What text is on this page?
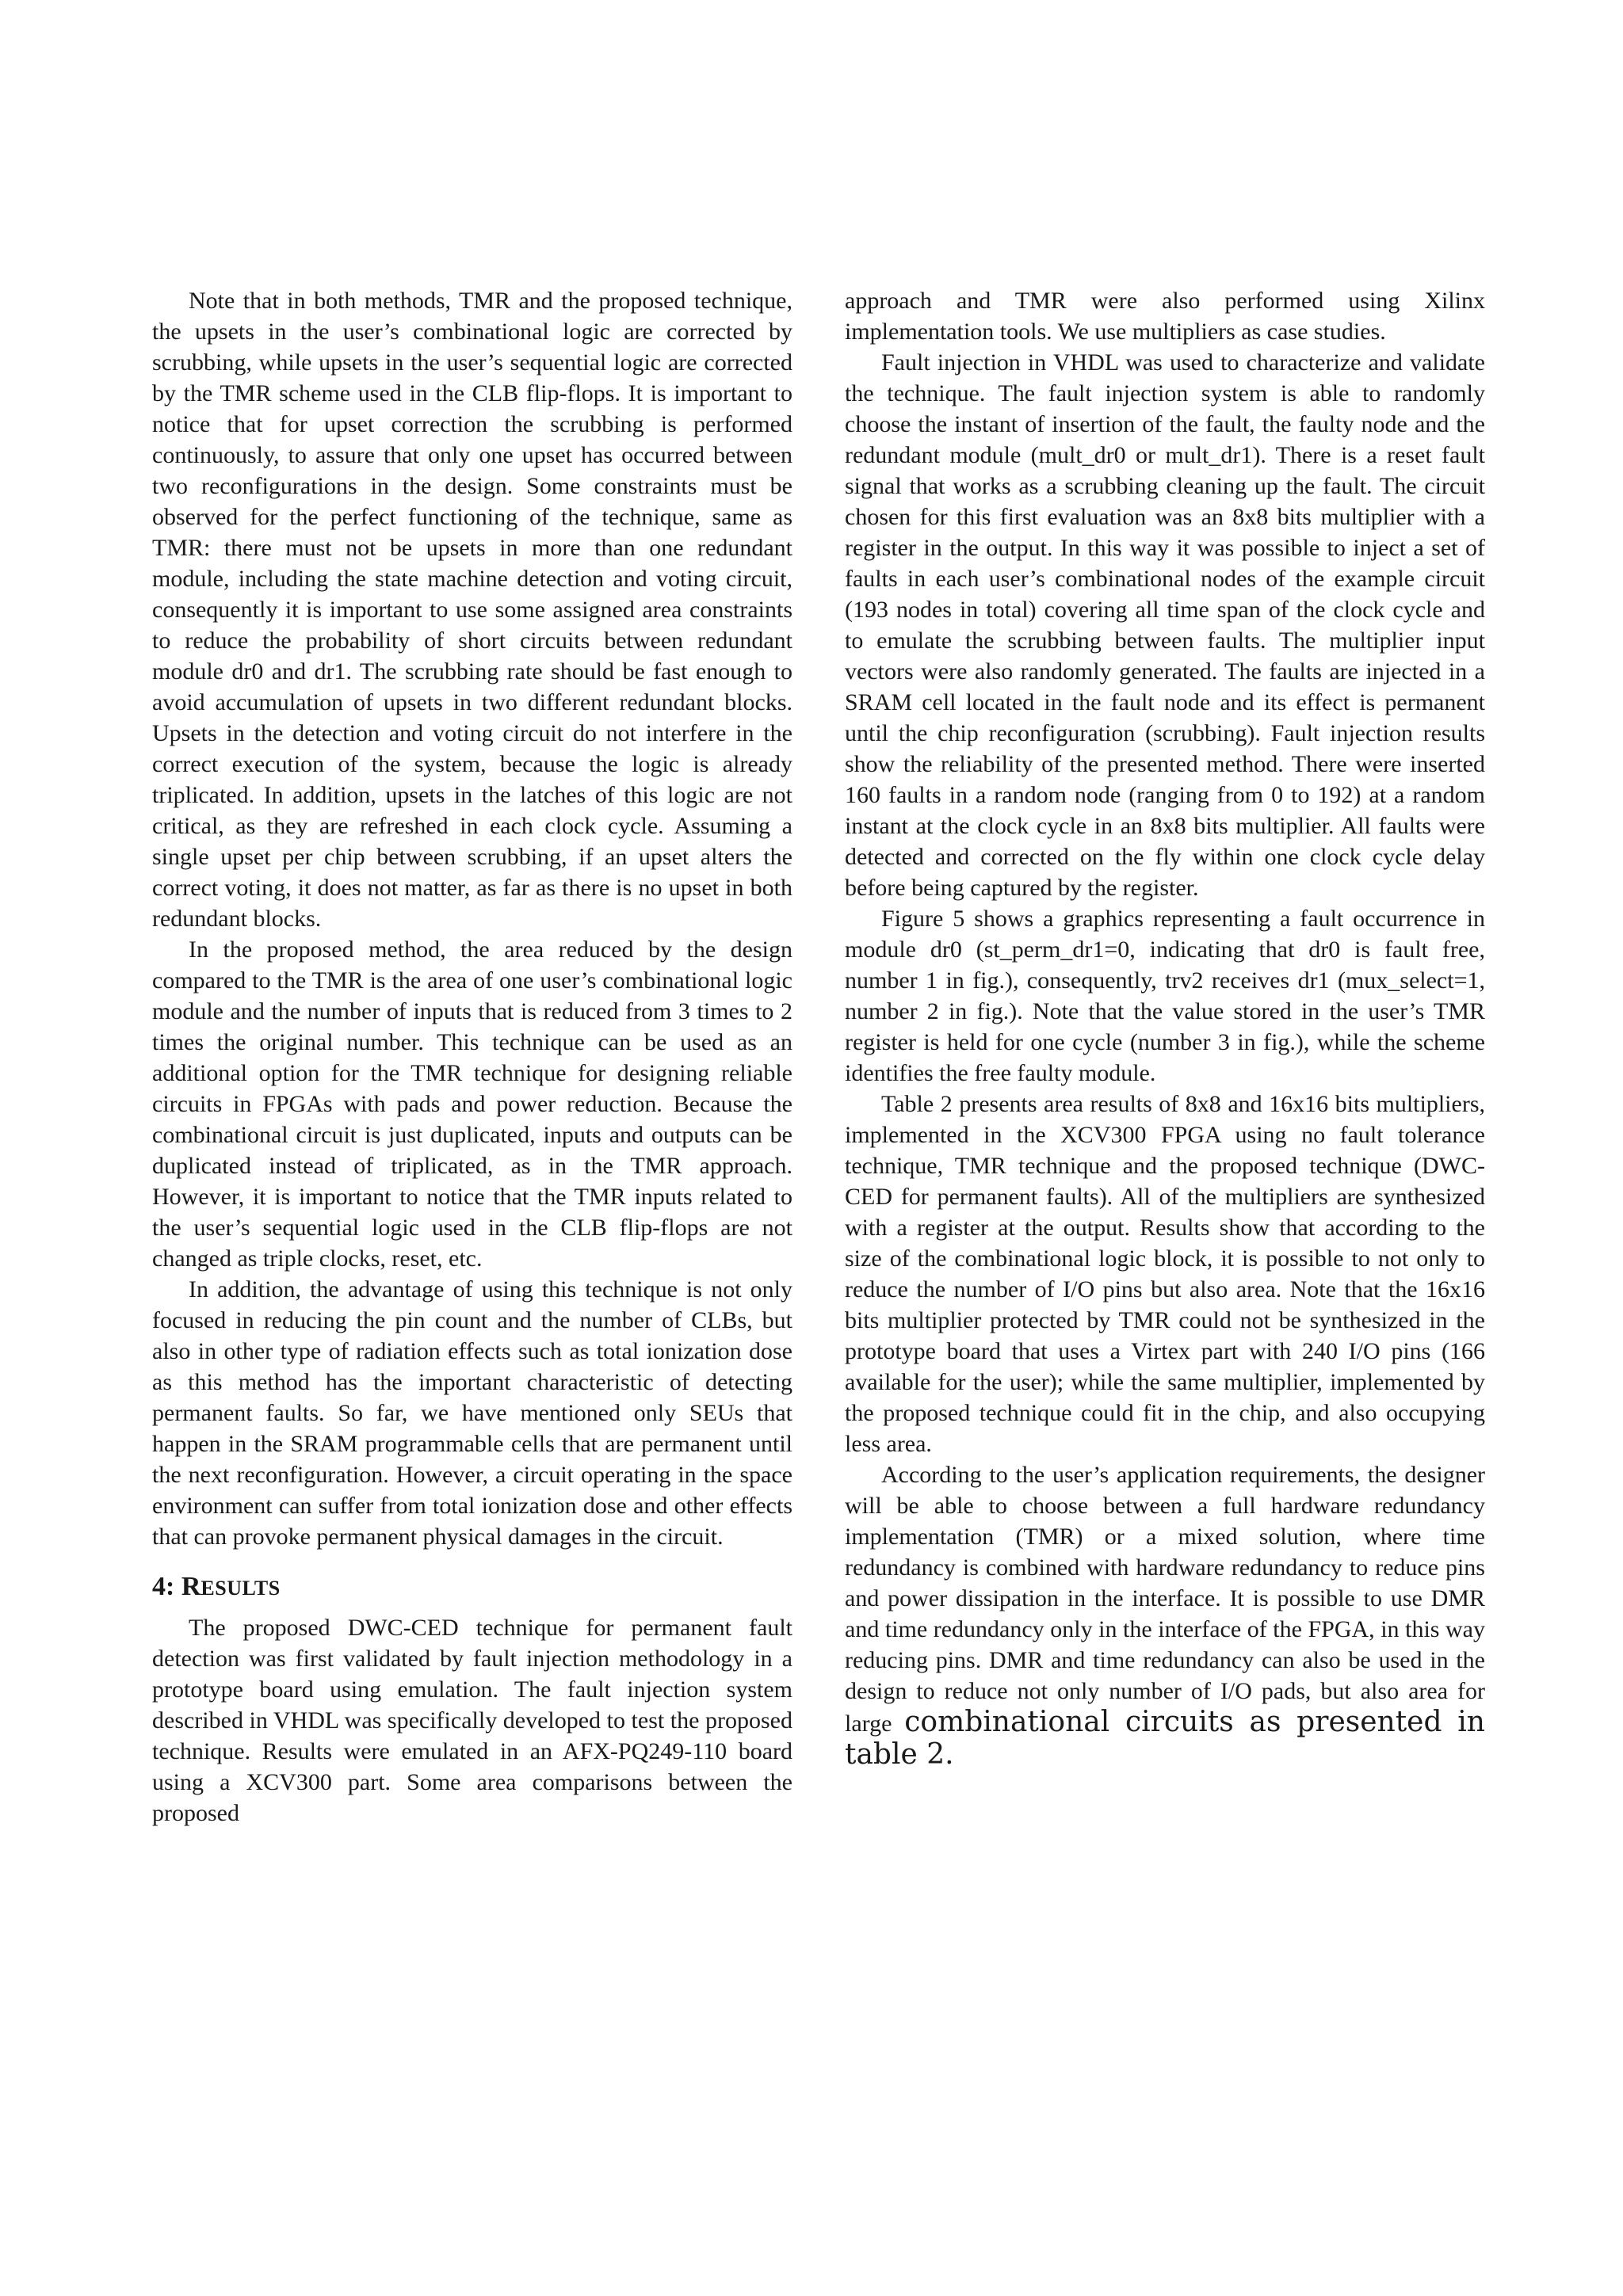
Note that in both methods, TMR and the proposed technique, the upsets in the user’s combinational logic are corrected by scrubbing, while upsets in the user’s sequential logic are corrected by the TMR scheme used in the CLB flip-flops. It is important to notice that for upset correction the scrubbing is performed continuously, to assure that only one upset has occurred between two reconfigurations in the design. Some constraints must be observed for the perfect functioning of the technique, same as TMR: there must not be upsets in more than one redundant module, including the state machine detection and voting circuit, consequently it is important to use some assigned area constraints to reduce the probability of short circuits between redundant module dr0 and dr1. The scrubbing rate should be fast enough to avoid accumulation of upsets in two different redundant blocks. Upsets in the detection and voting circuit do not interfere in the correct execution of the system, because the logic is already triplicated. In addition, upsets in the latches of this logic are not critical, as they are refreshed in each clock cycle. Assuming a single upset per chip between scrubbing, if an upset alters the correct voting, it does not matter, as far as there is no upset in both redundant blocks.

In the proposed method, the area reduced by the design compared to the TMR is the area of one user’s combinational logic module and the number of inputs that is reduced from 3 times to 2 times the original number. This technique can be used as an additional option for the TMR technique for designing reliable circuits in FPGAs with pads and power reduction. Because the combinational circuit is just duplicated, inputs and outputs can be duplicated instead of triplicated, as in the TMR approach. However, it is important to notice that the TMR inputs related to the user’s sequential logic used in the CLB flip-flops are not changed as triple clocks, reset, etc.

In addition, the advantage of using this technique is not only focused in reducing the pin count and the number of CLBs, but also in other type of radiation effects such as total ionization dose as this method has the important characteristic of detecting permanent faults. So far, we have mentioned only SEUs that happen in the SRAM programmable cells that are permanent until the next reconfiguration. However, a circuit operating in the space environment can suffer from total ionization dose and other effects that can provoke permanent physical damages in the circuit.

4: RESULTS

The proposed DWC-CED technique for permanent fault detection was first validated by fault injection methodology in a prototype board using emulation. The fault injection system described in VHDL was specifically developed to test the proposed technique. Results were emulated in an AFX-PQ249-110 board using a XCV300 part. Some area comparisons between the proposed

approach and TMR were also performed using Xilinx implementation tools. We use multipliers as case studies.

Fault injection in VHDL was used to characterize and validate the technique. The fault injection system is able to randomly choose the instant of insertion of the fault, the faulty node and the redundant module (mult_dr0 or mult_dr1). There is a reset fault signal that works as a scrubbing cleaning up the fault. The circuit chosen for this first evaluation was an 8x8 bits multiplier with a register in the output. In this way it was possible to inject a set of faults in each user’s combinational nodes of the example circuit (193 nodes in total) covering all time span of the clock cycle and to emulate the scrubbing between faults. The multiplier input vectors were also randomly generated. The faults are injected in a SRAM cell located in the fault node and its effect is permanent until the chip reconfiguration (scrubbing). Fault injection results show the reliability of the presented method. There were inserted 160 faults in a random node (ranging from 0 to 192) at a random instant at the clock cycle in an 8x8 bits multiplier. All faults were detected and corrected on the fly within one clock cycle delay before being captured by the register.

Figure 5 shows a graphics representing a fault occurrence in module dr0 (st_perm_dr1=0, indicating that dr0 is fault free, number 1 in fig.), consequently, trv2 receives dr1 (mux_select=1, number 2 in fig.). Note that the value stored in the user’s TMR register is held for one cycle (number 3 in fig.), while the scheme identifies the free faulty module.

Table 2 presents area results of 8x8 and 16x16 bits multipliers, implemented in the XCV300 FPGA using no fault tolerance technique, TMR technique and the proposed technique (DWC-CED for permanent faults). All of the multipliers are synthesized with a register at the output. Results show that according to the size of the combinational logic block, it is possible to not only to reduce the number of I/O pins but also area. Note that the 16x16 bits multiplier protected by TMR could not be synthesized in the prototype board that uses a Virtex part with 240 I/O pins (166 available for the user); while the same multiplier, implemented by the proposed technique could fit in the chip, and also occupying less area.

According to the user’s application requirements, the designer will be able to choose between a full hardware redundancy implementation (TMR) or a mixed solution, where time redundancy is combined with hardware redundancy to reduce pins and power dissipation in the interface. It is possible to use DMR and time redundancy only in the interface of the FPGA, in this way reducing pins. DMR and time redundancy can also be used in the design to reduce not only number of I/O pads, but also area for large combinational circuits as presented in table 2.
